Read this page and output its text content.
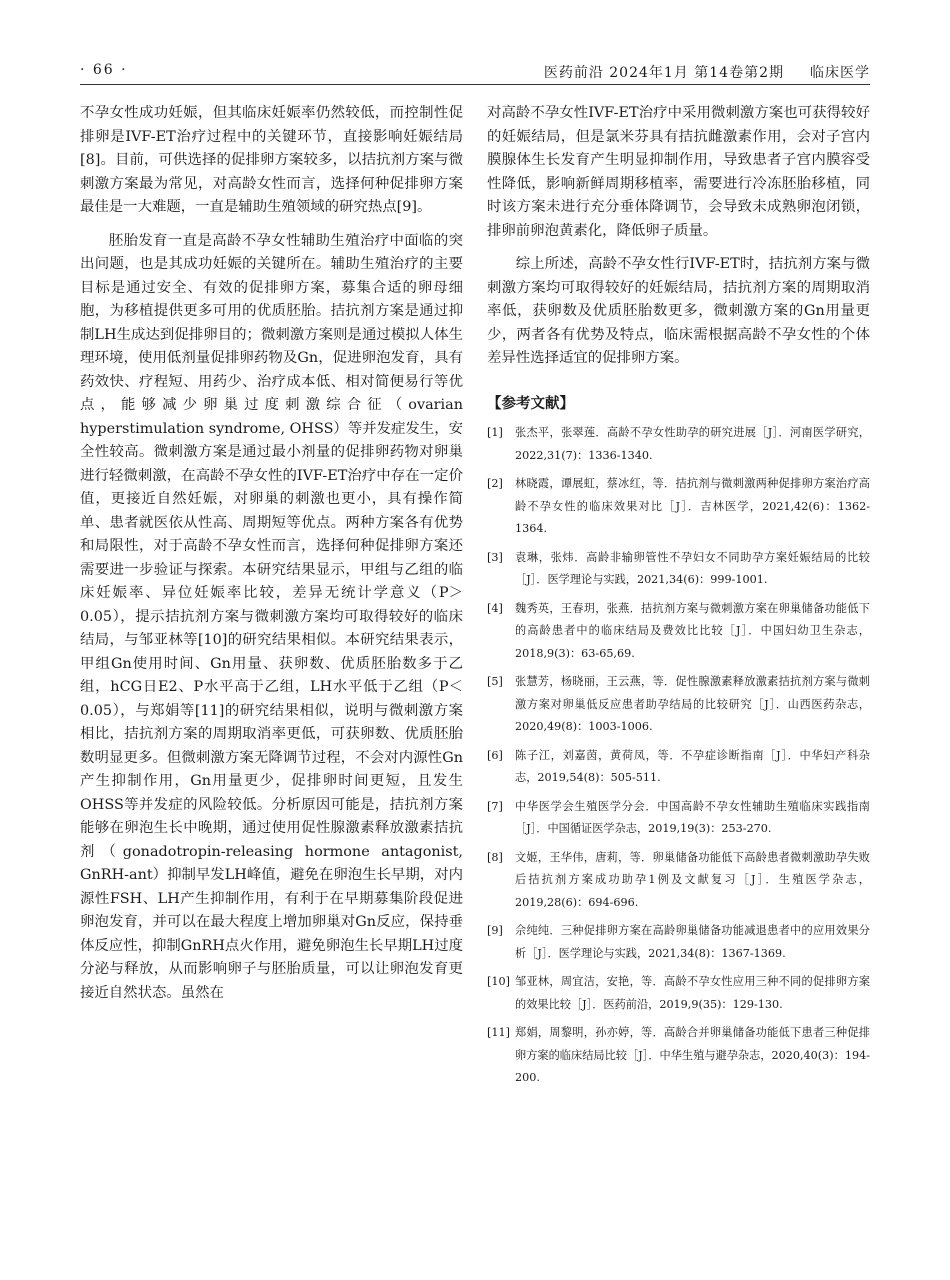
· 66 ·	医药前沿 2024年1月 第14卷第2期 临床医学

不孕女性成功妊娠，但其临床妊娠率仍然较低，而控制性促排卵是IVF-ET治疗过程中的关键环节，直接影响妊娠结局[8]。目前，可供选择的促排卵方案较多，以拮抗剂方案与微刺激方案最为常见，对高龄女性而言，选择何种促排卵方案最佳是一大难题，一直是辅助生殖领域的研究热点[9]。

胚胎发育一直是高龄不孕女性辅助生殖治疗中面临的突出问题，也是其成功妊娠的关键所在。辅助生殖治疗的主要目标是通过安全、有效的促排卵方案，募集合适的卵母细胞，为移植提供更多可用的优质胚胎。拮抗剂方案是通过抑制LH生成达到促排卵目的；微刺激方案则是通过模拟人体生理环境，使用低剂量促排卵药物及Gn，促进卵泡发育，具有药效快、疗程短、用药少、治疗成本低、相对简便易行等优点，能够减少卵巢过度刺激综合征（ovarian hyperstimulation syndrome, OHSS）等并发症发生，安全性较高。微刺激方案是通过最小剂量的促排卵药物对卵巢进行轻微刺激，在高龄不孕女性的IVF-ET治疗中存在一定价值，更接近自然妊娠，对卵巢的刺激也更小，具有操作简单、患者就医依从性高、周期短等优点。两种方案各有优势和局限性，对于高龄不孕女性而言，选择何种促排卵方案还需要进一步验证与探索。本研究结果显示，甲组与乙组的临床妊娠率、异位妊娠率比较，差异无统计学意义（P＞0.05），提示拮抗剂方案与微刺激方案均可取得较好的临床结局，与邹亚林等[10]的研究结果相似。本研究结果表示，甲组Gn使用时间、Gn用量、获卵数、优质胚胎数多于乙组，hCG日E2、P水平高于乙组，LH水平低于乙组（P＜0.05），与郑娟等[11]的研究结果相似，说明与微刺激方案相比，拮抗剂方案的周期取消率更低，可获卵数、优质胚胎数明显更多。但微刺激方案无降调节过程，不会对内源性Gn产生抑制作用，Gn用量更少，促排卵时间更短，且发生OHSS等并发症的风险较低。分析原因可能是，拮抗剂方案能够在卵泡生长中晚期，通过使用促性腺激素释放激素拮抗剂（gonadotropin-releasing hormone antagonist, GnRH-ant）抑制早发LH峰值，避免在卵泡生长早期，对内源性FSH、LH产生抑制作用，有利于在早期募集阶段促进卵泡发育，并可以在最大程度上增加卵巢对Gn反应，保持垂体反应性，抑制GnRH点火作用，避免卵泡生长早期LH过度分泌与释放，从而影响卵子与胚胎质量，可以让卵泡发育更接近自然状态。虽然在

对高龄不孕女性IVF-ET治疗中采用微刺激方案也可获得较好的妊娠结局，但是氯米芬具有拮抗雌激素作用，会对子宫内膜腺体生长发育产生明显抑制作用，导致患者子宫内膜容受性降低，影响新鲜周期移植率，需要进行冷冻胚胎移植，同时该方案未进行充分垂体降调节，会导致未成熟卵泡闭锁，排卵前卵泡黄素化，降低卵子质量。

综上所述，高龄不孕女性行IVF-ET时，拮抗剂方案与微刺激方案均可取得较好的妊娠结局，拮抗剂方案的周期取消率低，获卵数及优质胚胎数更多，微刺激方案的Gn用量更少，两者各有优势及特点，临床需根据高龄不孕女性的个体差异性选择适宜的促排卵方案。

【参考文献】
[1]	张杰平，张翠莲．高龄不孕女性助孕的研究进展［J］．河南医学研究，2022,31(7)：1336-1340.
[2]	林晓霞，谭展虹，蔡冰红，等．拮抗剂与微刺激两种促排卵方案治疗高龄不孕女性的临床效果对比［J］．吉林医学，2021,42(6)：1362-1364.
[3]	袁琳，张炜．高龄非输卵管性不孕妇女不同助孕方案妊娠结局的比较［J］．医学理论与实践，2021,34(6)：999-1001.
[4]	魏秀英，王春玥，张燕．拮抗剂方案与微刺激方案在卵巢储备功能低下的高龄患者中的临床结局及费效比比较［J］．中国妇幼卫生杂志，2018,9(3)：63-65,69.
[5]	张慧芳，杨晓丽，王云燕，等．促性腺激素释放激素拮抗剂方案与微刺激方案对卵巢低反应患者助孕结局的比较研究［J］．山西医药杂志，2020,49(8)：1003-1006.
[6]	陈子江，刘嘉茵，黄荷凤，等．不孕症诊断指南［J］．中华妇产科杂志，2019,54(8)：505-511.
[7]	中华医学会生殖医学分会．中国高龄不孕女性辅助生殖临床实践指南［J］．中国循证医学杂志，2019,19(3)：253-270.
[8]	文姬，王华伟，唐莉，等．卵巢储备功能低下高龄患者微刺激助孕失败后拮抗剂方案成功助孕1例及文献复习［J］．生殖医学杂志，2019,28(6)：694-696.
[9]	佘纯纯．三种促排卵方案在高龄卵巢储备功能减退患者中的应用效果分析［J］．医学理论与实践，2021,34(8)：1367-1369.
[10] 邹亚林，周宜洁，安艳，等．高龄不孕女性应用三种不同的促排卵方案的效果比较［J］．医药前沿，2019,9(35)：129-130.
[11] 郑娟，周黎明，孙亦婷，等．高龄合并卵巢储备功能低下患者三种促排卵方案的临床结局比较［J］．中华生殖与避孕杂志，2020,40(3)：194-200.
